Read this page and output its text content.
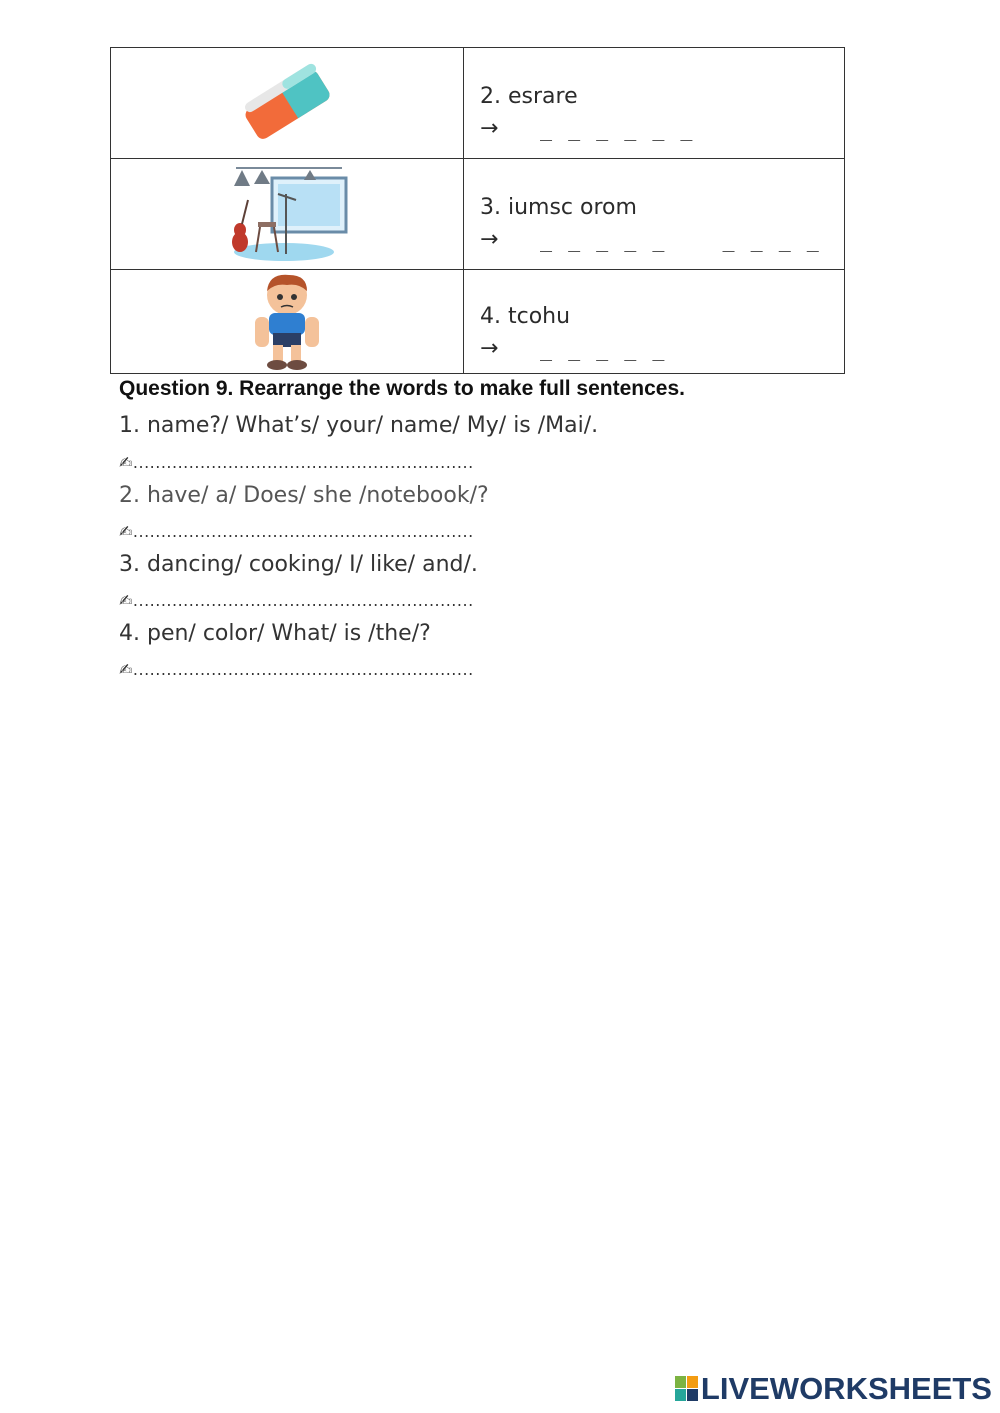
2. esrare
→ _ _ _ _ _ _

3. iumsc orom
→ _ _ _ _ _    _ _ _ _

4. tcohu
→ _ _ _ _ _
Question 9. Rearrange the words to make full sentences.
1. name?/ What’s/ your/ name/ My/ is /Mai/.
✍.............................................................
2. have/ a/ Does/ she /notebook/?
✍.............................................................
3. dancing/ cooking/ I/ like/ and/.
✍.............................................................
4. pen/ color/ What/ is /the/?
✍.............................................................
LIVEWORKSHEETS
